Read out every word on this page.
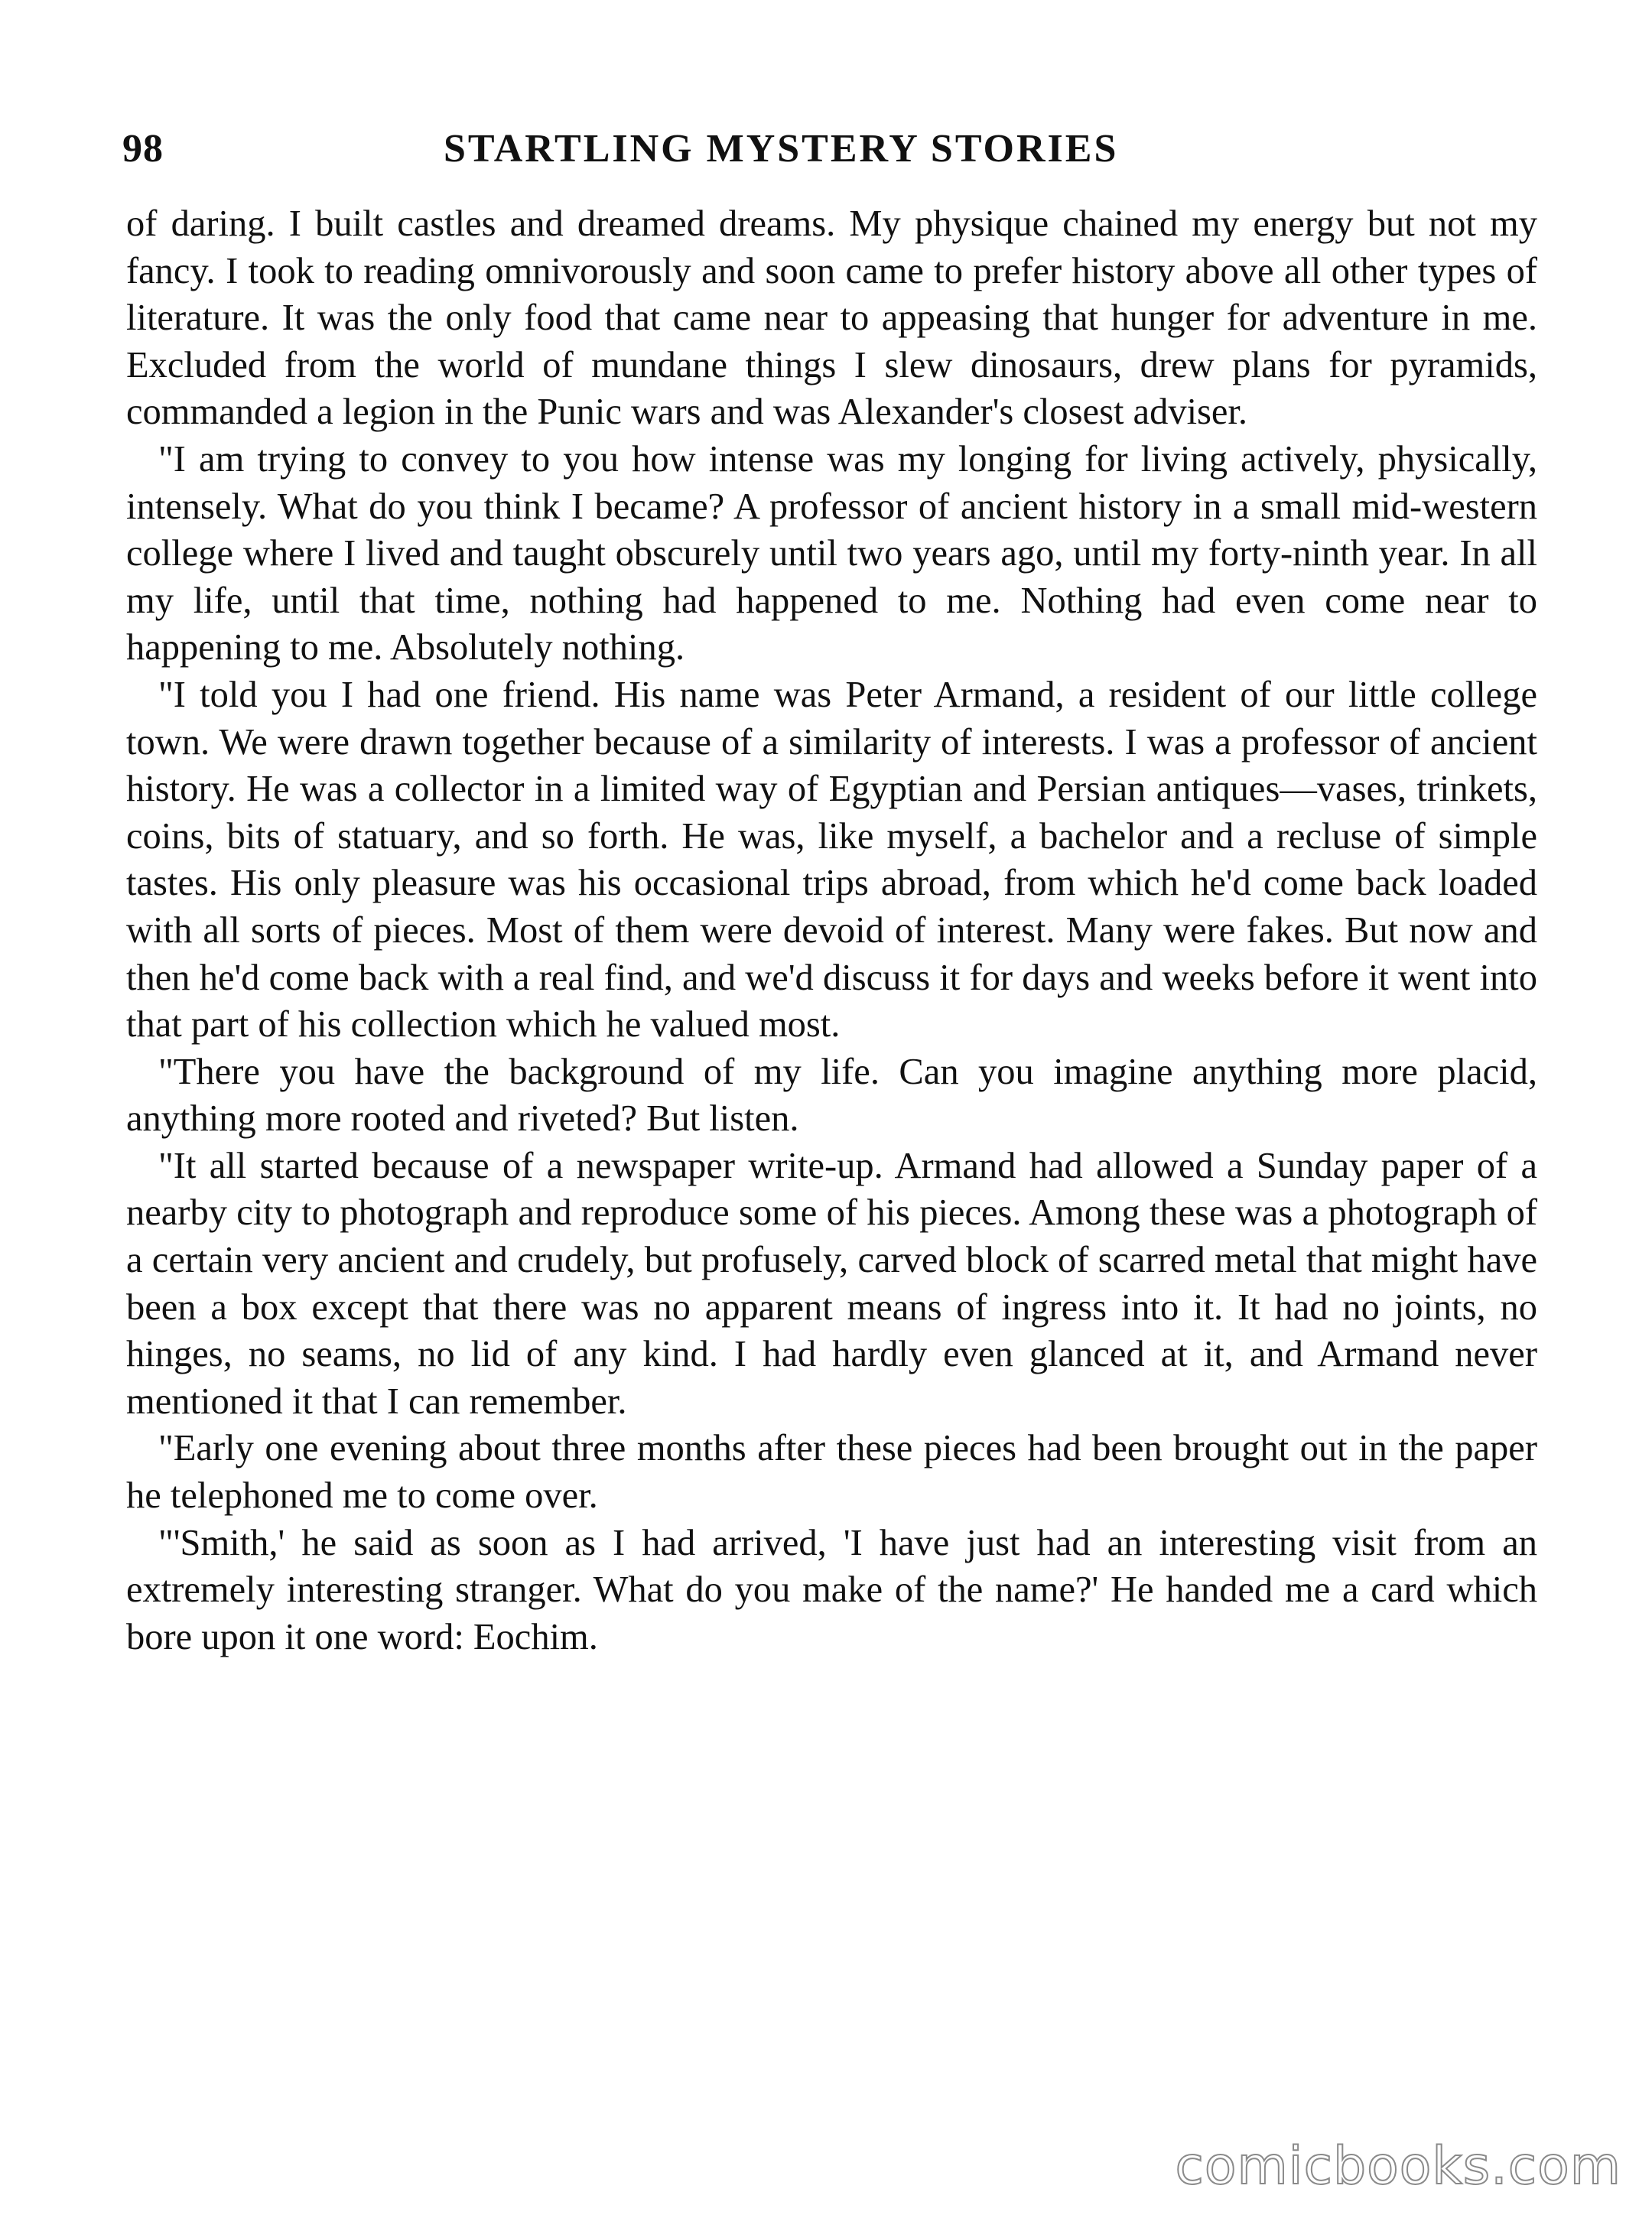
98	STARTLING MYSTERY STORIES

of daring. I built castles and dreamed dreams. My physique chained my energy but not my fancy. I took to reading omnivorously and soon came to prefer history above all other types of literature. It was the only food that came near to appeasing that hunger for adventure in me. Excluded from the world of mundane things I slew dinosaurs, drew plans for pyramids, commanded a legion in the Punic wars and was Alexander's closest adviser.

"I am trying to convey to you how intense was my longing for living actively, physically, intensely. What do you think I became? A professor of ancient history in a small mid-western college where I lived and taught obscurely until two years ago, until my forty-ninth year. In all my life, until that time, nothing had happened to me. Nothing had even come near to happening to me. Absolutely nothing.

"I told you I had one friend. His name was Peter Armand, a resident of our little college town. We were drawn together because of a similarity of interests. I was a professor of ancient history. He was a collector in a limited way of Egyptian and Persian antiques—vases, trinkets, coins, bits of statuary, and so forth. He was, like myself, a bachelor and a recluse of simple tastes. His only pleasure was his occasional trips abroad, from which he'd come back loaded with all sorts of pieces. Most of them were devoid of interest. Many were fakes. But now and then he'd come back with a real find, and we'd discuss it for days and weeks before it went into that part of his collection which he valued most.

"There you have the background of my life. Can you imagine anything more placid, anything more rooted and riveted? But listen.

"It all started because of a newspaper write-up. Armand had allowed a Sunday paper of a nearby city to photograph and reproduce some of his pieces. Among these was a photograph of a certain very ancient and crudely, but profusely, carved block of scarred metal that might have been a box except that there was no apparent means of ingress into it. It had no joints, no hinges, no seams, no lid of any kind. I had hardly even glanced at it, and Armand never mentioned it that I can remember.

"Early one evening about three months after these pieces had been brought out in the paper he telephoned me to come over.

"'Smith,' he said as soon as I had arrived, 'I have just had an interesting visit from an extremely interesting stranger. What do you make of the name?' He handed me a card which bore upon it one word: Eochim.

comicbooks.com
